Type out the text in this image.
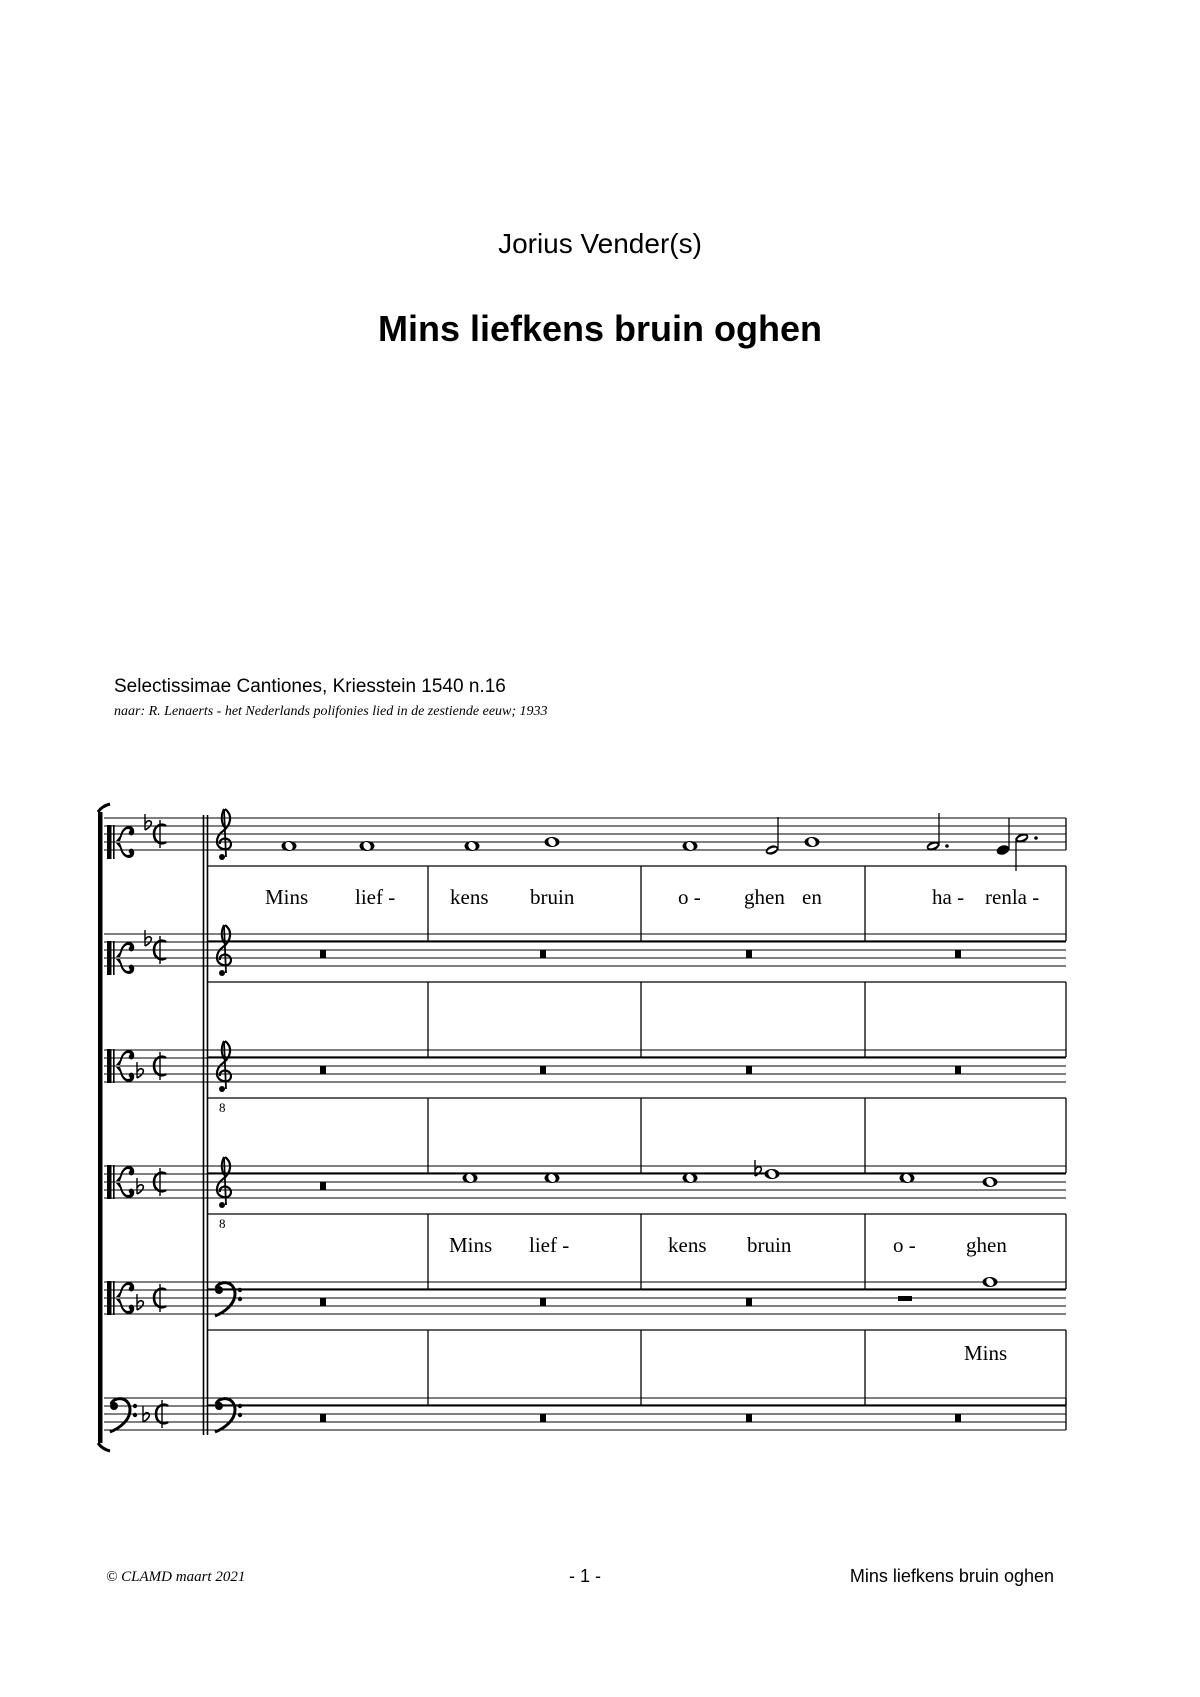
Jorius Vender(s)
Mins liefkens bruin oghen
Selectissimae Cantiones, Kriesstein 1540 n.16
naar: R. Lenaerts - het Nederlands polifonies lied in de zestiende eeuw; 1933
8
8
Mins lief -	kens bruin	o - ghen en	ha - renla -
Mins lief -	kens bruin	o - ghen
Mins
© CLAMD maart 2021	- 1 -	Mins liefkens bruin oghen
